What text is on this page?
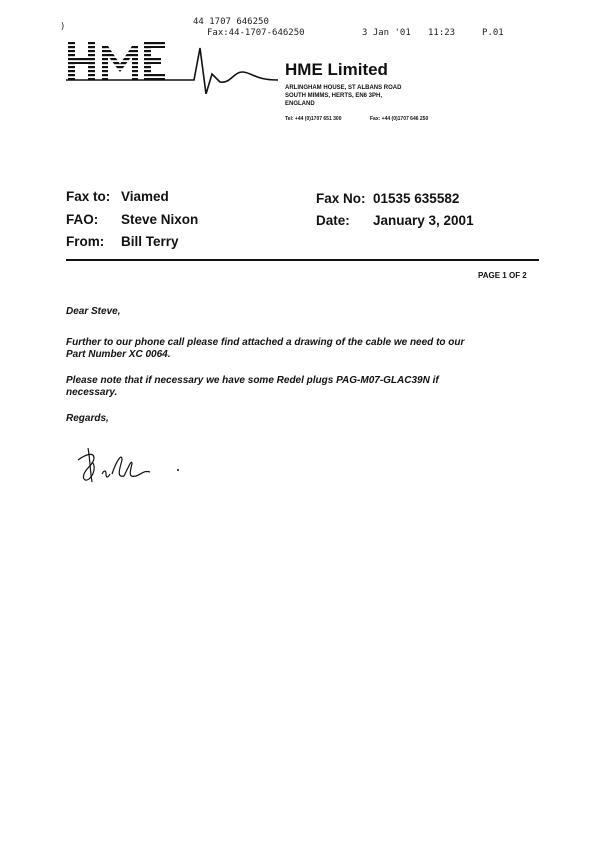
)	44 1707 646250
Fax:44-1707-646250	3 Jan '01 11:23	P.01
HME Limited
ARLINGHAM HOUSE, ST ALBANS ROAD
SOUTH MIMMS, HERTS, EN6 3PH,
ENGLAND
Tel: +44 (0)1707 651 300	Fax: +44 (0)1707 646 250
Fax to: Viamed
FAO: Steve Nixon
From: Bill Terry
Fax No: 01535 635582
Date: January 3, 2001
PAGE 1 OF 2
Dear Steve,
Further to our phone call please find attached a drawing of the cable we need to our
Part Number XC 0064.
Please note that if necessary we have some Redel plugs PAG-M07-GLAC39N if
necessary.
Regards,
